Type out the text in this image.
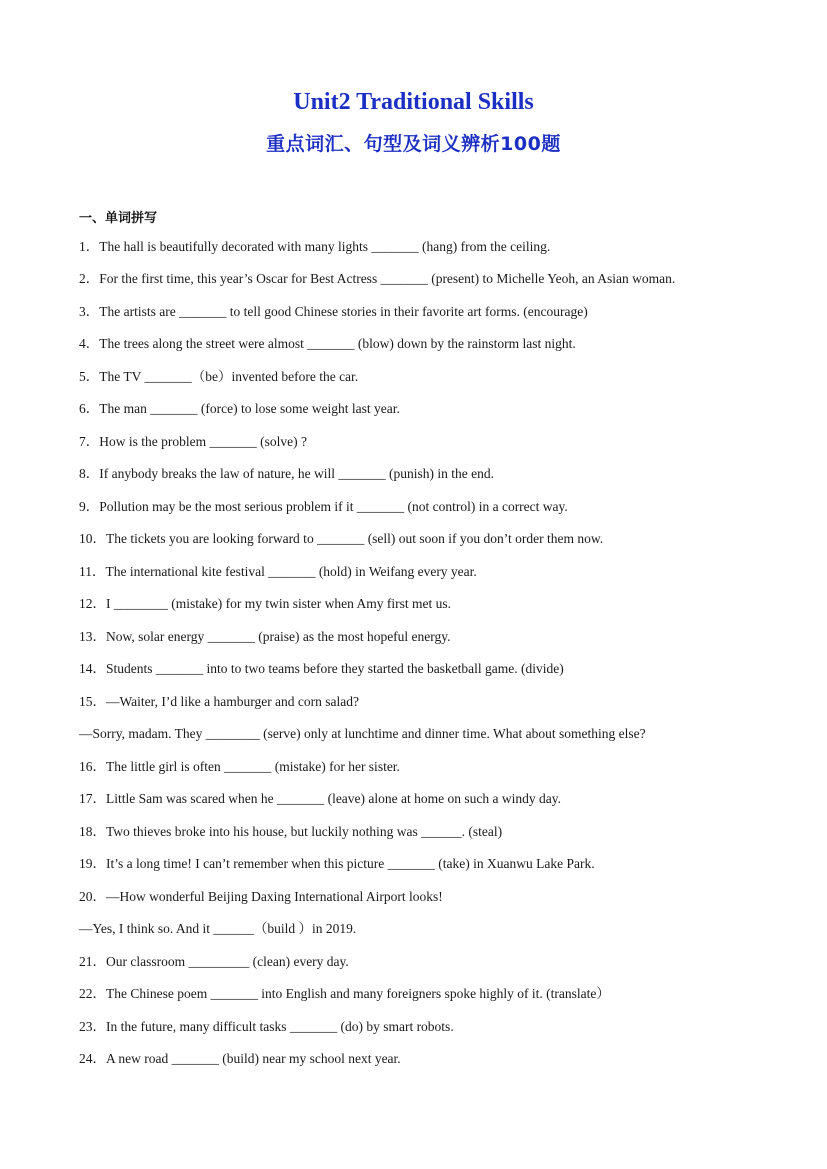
Unit2 Traditional Skills
重点词汇、句型及词义辨析100题
一、单词拼写
1．The hall is beautifully decorated with many lights _______ (hang) from the ceiling.
2．For the first time, this year’s Oscar for Best Actress _______ (present) to Michelle Yeoh, an Asian woman.
3．The artists are _______ to tell good Chinese stories in their favorite art forms. (encourage)
4．The trees along the street were almost _______ (blow) down by the rainstorm last night.
5．The TV _______（be）invented before the car.
6．The man _______ (force) to lose some weight last year.
7．How is the problem _______ (solve) ?
8．If anybody breaks the law of nature, he will _______ (punish) in the end.
9．Pollution may be the most serious problem if it _______ (not control) in a correct way.
10．The tickets you are looking forward to _______ (sell) out soon if you don’t order them now.
11．The international kite festival _______ (hold) in Weifang every year.
12．I ________ (mistake) for my twin sister when Amy first met us.
13．Now, solar energy _______ (praise) as the most hopeful energy.
14．Students _______ into to two teams before they started the basketball game. (divide)
15．—Waiter, I’d like a hamburger and corn salad?
—Sorry, madam. They ________ (serve) only at lunchtime and dinner time. What about something else?
16．The little girl is often _______ (mistake) for her sister.
17．Little Sam was scared when he _______ (leave) alone at home on such a windy day.
18．Two thieves broke into his house, but luckily nothing was ______. (steal)
19．It’s a long time! I can’t remember when this picture _______ (take) in Xuanwu Lake Park.
20．—How wonderful Beijing Daxing International Airport looks!
—Yes, I think so. And it ______（build ）in 2019.
21．Our classroom _________ (clean) every day.
22．The Chinese poem _______ into English and many foreigners spoke highly of it. (translate）
23．In the future, many difficult tasks _______ (do) by smart robots.
24．A new road _______ (build) near my school next year.
